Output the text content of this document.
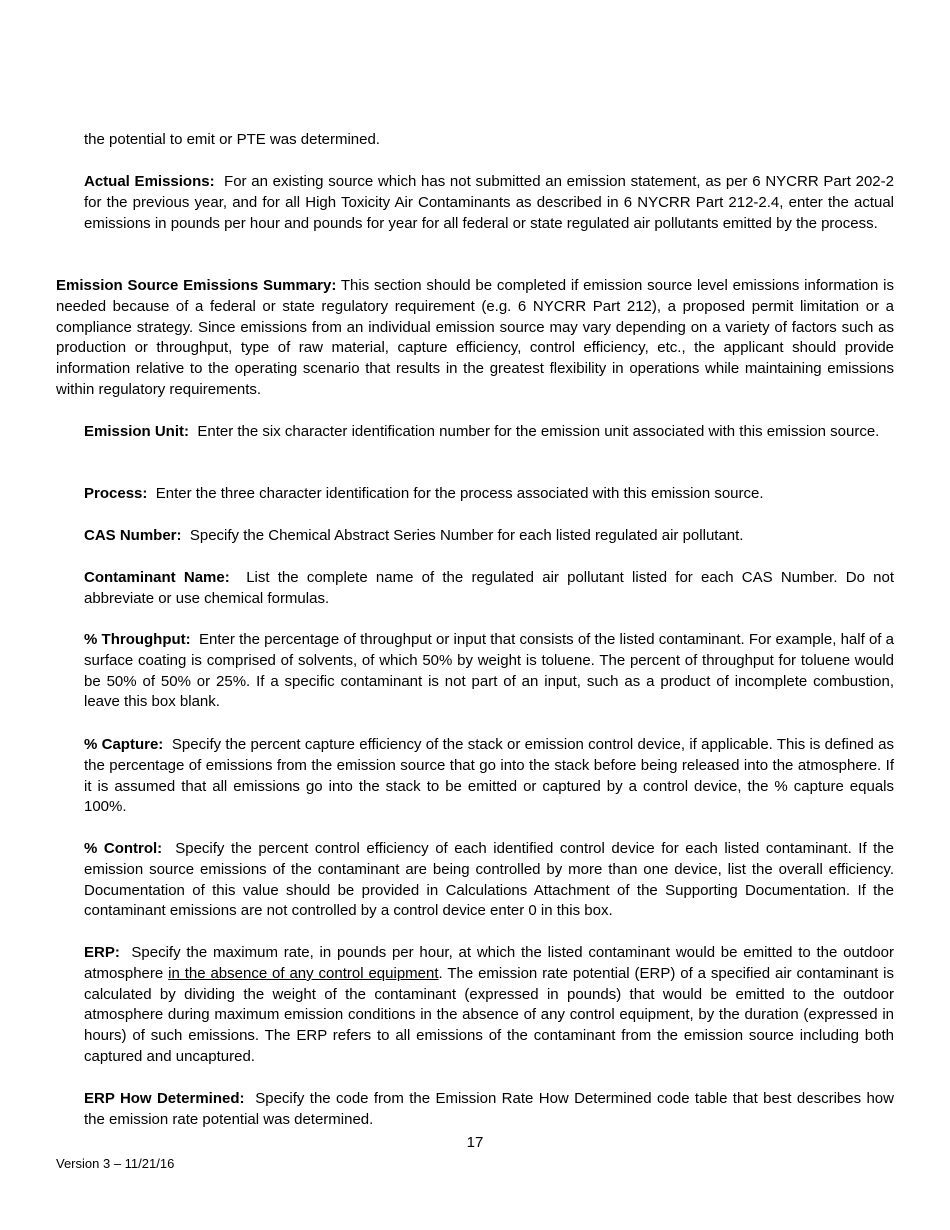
the potential to emit or PTE was determined.

Actual Emissions: For an existing source which has not submitted an emission statement, as per 6 NYCRR Part 202-2 for the previous year, and for all High Toxicity Air Contaminants as described in 6 NYCRR Part 212-2.4, enter the actual emissions in pounds per hour and pounds for year for all federal or state regulated air pollutants emitted by the process.

Emission Source Emissions Summary: This section should be completed if emission source level emissions information is needed because of a federal or state regulatory requirement (e.g. 6 NYCRR Part 212), a proposed permit limitation or a compliance strategy. Since emissions from an individual emission source may vary depending on a variety of factors such as production or throughput, type of raw material, capture efficiency, control efficiency, etc., the applicant should provide information relative to the operating scenario that results in the greatest flexibility in operations while maintaining emissions within regulatory requirements.

Emission Unit: Enter the six character identification number for the emission unit associated with this emission source.

Process: Enter the three character identification for the process associated with this emission source.

CAS Number: Specify the Chemical Abstract Series Number for each listed regulated air pollutant.

Contaminant Name: List the complete name of the regulated air pollutant listed for each CAS Number. Do not abbreviate or use chemical formulas.

% Throughput: Enter the percentage of throughput or input that consists of the listed contaminant. For example, half of a surface coating is comprised of solvents, of which 50% by weight is toluene. The percent of throughput for toluene would be 50% of 50% or 25%. If a specific contaminant is not part of an input, such as a product of incomplete combustion, leave this box blank.

% Capture: Specify the percent capture efficiency of the stack or emission control device, if applicable. This is defined as the percentage of emissions from the emission source that go into the stack before being released into the atmosphere. If it is assumed that all emissions go into the stack to be emitted or captured by a control device, the % capture equals 100%.

% Control: Specify the percent control efficiency of each identified control device for each listed contaminant. If the emission source emissions of the contaminant are being controlled by more than one device, list the overall efficiency. Documentation of this value should be provided in Calculations Attachment of the Supporting Documentation. If the contaminant emissions are not controlled by a control device enter 0 in this box.

ERP: Specify the maximum rate, in pounds per hour, at which the listed contaminant would be emitted to the outdoor atmosphere in the absence of any control equipment. The emission rate potential (ERP) of a specified air contaminant is calculated by dividing the weight of the contaminant (expressed in pounds) that would be emitted to the outdoor atmosphere during maximum emission conditions in the absence of any control equipment, by the duration (expressed in hours) of such emissions. The ERP refers to all emissions of the contaminant from the emission source including both captured and uncaptured.

ERP How Determined: Specify the code from the Emission Rate How Determined code table that best describes how the emission rate potential was determined.

17
Version 3 – 11/21/16
